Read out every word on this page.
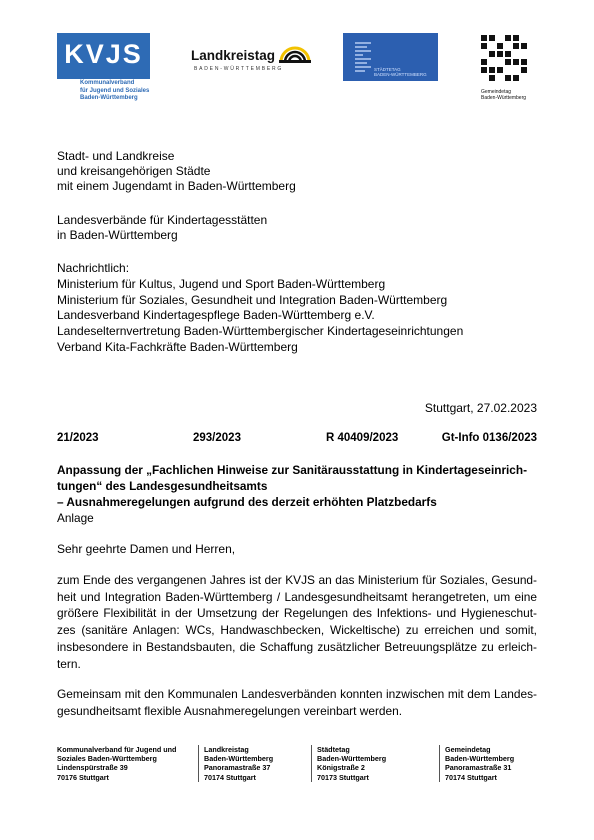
KVJS
Kommunalverband
für Jugend und Soziales
Baden-Württemberg
Landkreistag
BADEN-WÜRTTEMBERG	STÄDTETAG
BADEN-WÜRTTEMBERG
Gemeindetag
Baden-Württemberg
Stadt- und Landkreise
und kreisangehörigen Städte
mit einem Jugendamt in Baden-Württemberg
Landesverbände für Kindertagesstätten
in Baden-Württemberg
Nachrichtlich:
Ministerium für Kultus, Jugend und Sport Baden-Württemberg
Ministerium für Soziales, Gesundheit und Integration Baden-Württemberg
Landesverband Kindertagespflege Baden-Württemberg e.V.
Landeselternvertretung Baden-Württembergischer Kindertageseinrichtungen
Verband Kita-Fachkräfte Baden-Württemberg
Stuttgart, 27.02.2023
21/2023	293/2023	R 40409/2023	Gt-Info 0136/2023
Anpassung der „Fachlichen Hinweise zur Sanitärausstattung in Kindertageseinrich-
tungen“ des Landesgesundheitsamts
– Ausnahmeregelungen aufgrund des derzeit erhöhten Platzbedarfs
Anlage
Sehr geehrte Damen und Herren,
zum Ende des vergangenen Jahres ist der KVJS an das Ministerium für Soziales, Gesund-heit und Integration Baden-Württemberg / Landesgesundheitsamt herangetreten, um eine größere Flexibilität in der Umsetzung der Regelungen des Infektions- und Hygieneschut-zes (sanitäre Anlagen: WCs, Handwaschbecken, Wickeltische) zu erreichen und somit, insbesondere in Bestandsbauten, die Schaffung zusätzlicher Betreuungsplätze zu erleich-tern.
Gemeinsam mit den Kommunalen Landesverbänden konnten inzwischen mit dem Landes-gesundheitsamt flexible Ausnahmeregelungen vereinbart werden.
Kommunalverband für Jugend und
Soziales Baden-Württemberg
Lindenspürstraße 39
70176 Stuttgart
Landkreistag
Baden-Württemberg
Panoramastraße 37
70174 Stuttgart
Städtetag
Baden-Württemberg
Königstraße 2
70173 Stuttgart
Gemeindetag
Baden-Württemberg
Panoramastraße 31
70174 Stuttgart
